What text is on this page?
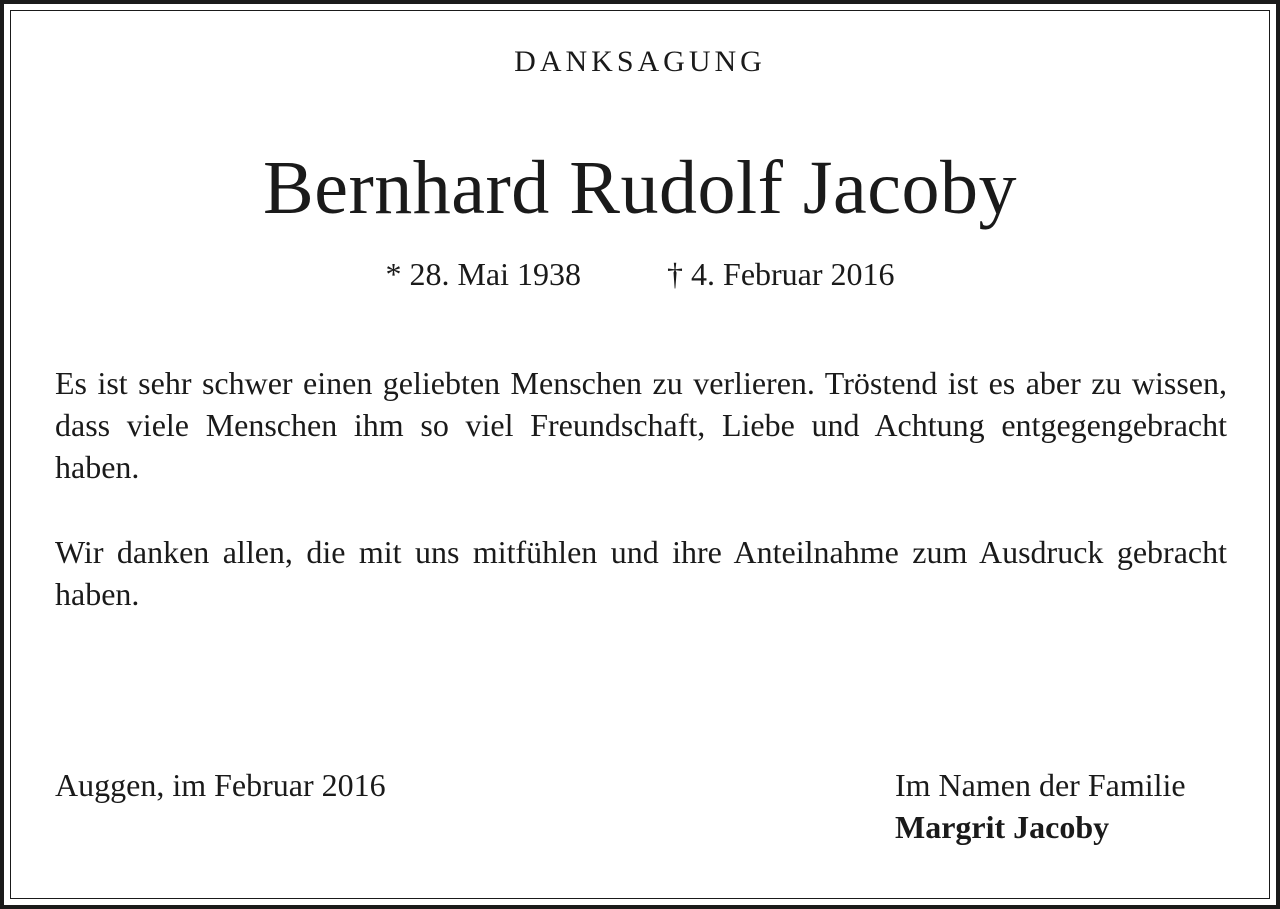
DANKSAGUNG
Bernhard Rudolf Jacoby
* 28. Mai 1938	† 4. Februar 2016

Es ist sehr schwer einen geliebten Menschen zu verlieren. Tröstend ist es aber zu wissen, dass viele Menschen ihm so viel Freundschaft, Liebe und Achtung entgegengebracht haben.

Wir danken allen, die mit uns mitfühlen und ihre Anteilnahme zum Ausdruck gebracht haben.

Auggen, im Februar 2016	Im Namen der Familie
Margrit Jacoby
